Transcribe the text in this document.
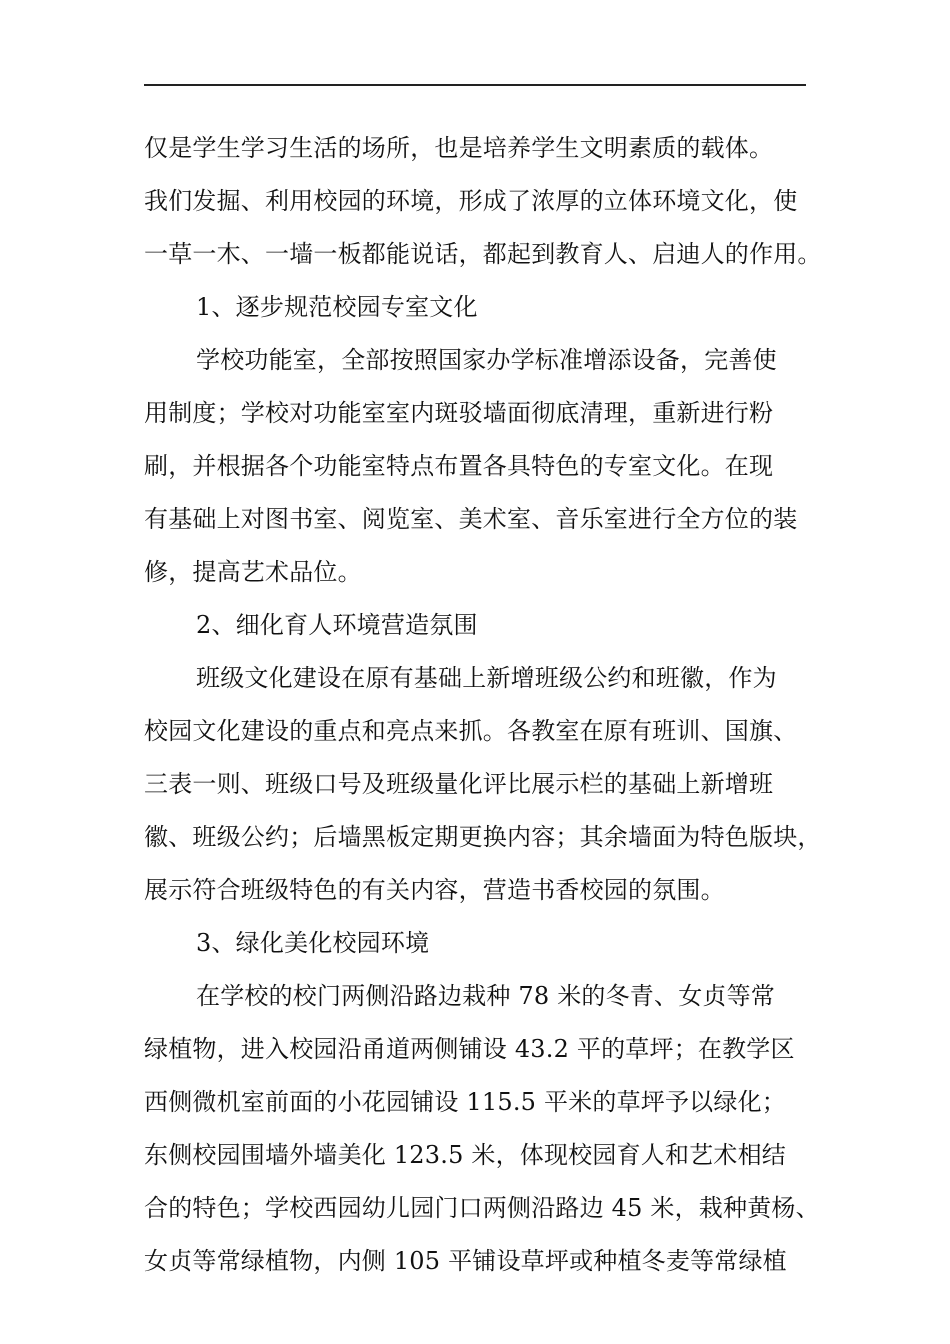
仅是学生学习生活的场所，也是培养学生文明素质的载体。
我们发掘、利用校园的环境，形成了浓厚的立体环境文化，使
一草一木、一墙一板都能说话，都起到教育人、启迪人的作用。
1、逐步规范校园专室文化
学校功能室，全部按照国家办学标准增添设备，完善使
用制度；学校对功能室室内斑驳墙面彻底清理，重新进行粉
刷，并根据各个功能室特点布置各具特色的专室文化。在现
有基础上对图书室、阅览室、美术室、音乐室进行全方位的装
修，提高艺术品位。
2、细化育人环境营造氛围
班级文化建设在原有基础上新增班级公约和班徽，作为
校园文化建设的重点和亮点来抓。各教室在原有班训、国旗、
三表一则、班级口号及班级量化评比展示栏的基础上新增班
徽、班级公约；后墙黑板定期更换内容；其余墙面为特色版块，
展示符合班级特色的有关内容，营造书香校园的氛围。
3、绿化美化校园环境
在学校的校门两侧沿路边栽种 78 米的冬青、女贞等常
绿植物，进入校园沿甬道两侧铺设 43.2 平的草坪；在教学区
西侧微机室前面的小花园铺设 115.5 平米的草坪予以绿化；
东侧校园围墙外墙美化 123.5 米，体现校园育人和艺术相结
合的特色；学校西园幼儿园门口两侧沿路边 45 米，栽种黄杨、
女贞等常绿植物，内侧 105 平铺设草坪或种植冬麦等常绿植
